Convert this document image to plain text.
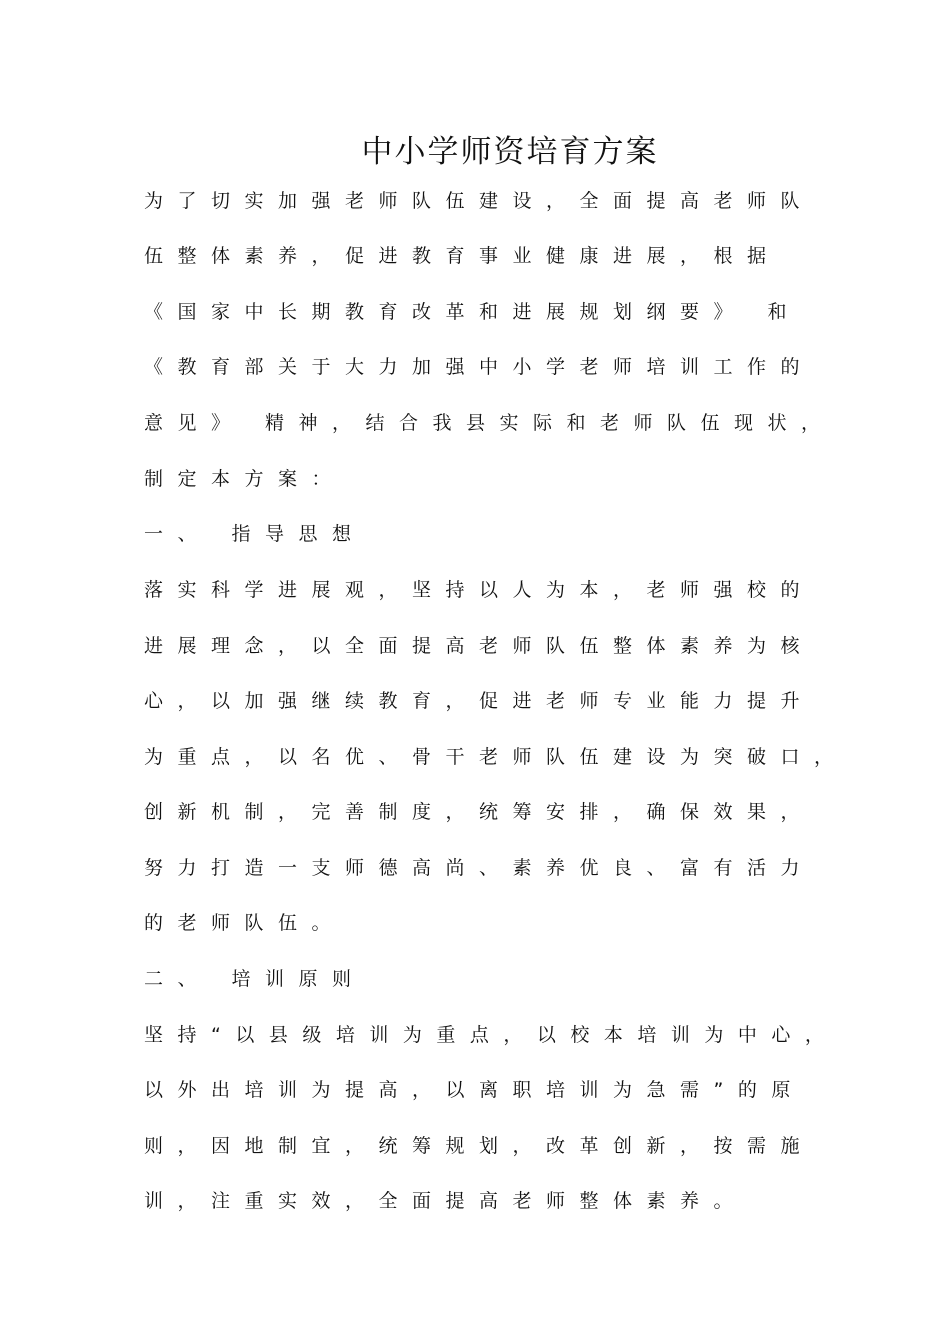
中小学师资培育方案
为了切实加强老师队伍建设，全面提高老师队
伍整体素养，促进教育事业健康进展，根据
《国家中长期教育改革和进展规划纲要》 和
《教育部关于大力加强中小学老师培训工作的
意见》 精神，结合我县实际和老师队伍现状，
制定本方案：
一、 指导思想
落实科学进展观，坚持以人为本，老师强校的
进展理念，以全面提高老师队伍整体素养为核
心，以加强继续教育，促进老师专业能力提升
为重点，以名优、骨干老师队伍建设为突破口，
创新机制，完善制度，统筹安排，确保效果，
努力打造一支师德高尚、素养优良、富有活力
的老师队伍。
二、 培训原则
坚持“以县级培训为重点，以校本培训为中心，
以外出培训为提高，以离职培训为急需”的原
则，因地制宜，统筹规划，改革创新，按需施
训，注重实效，全面提高老师整体素养。
